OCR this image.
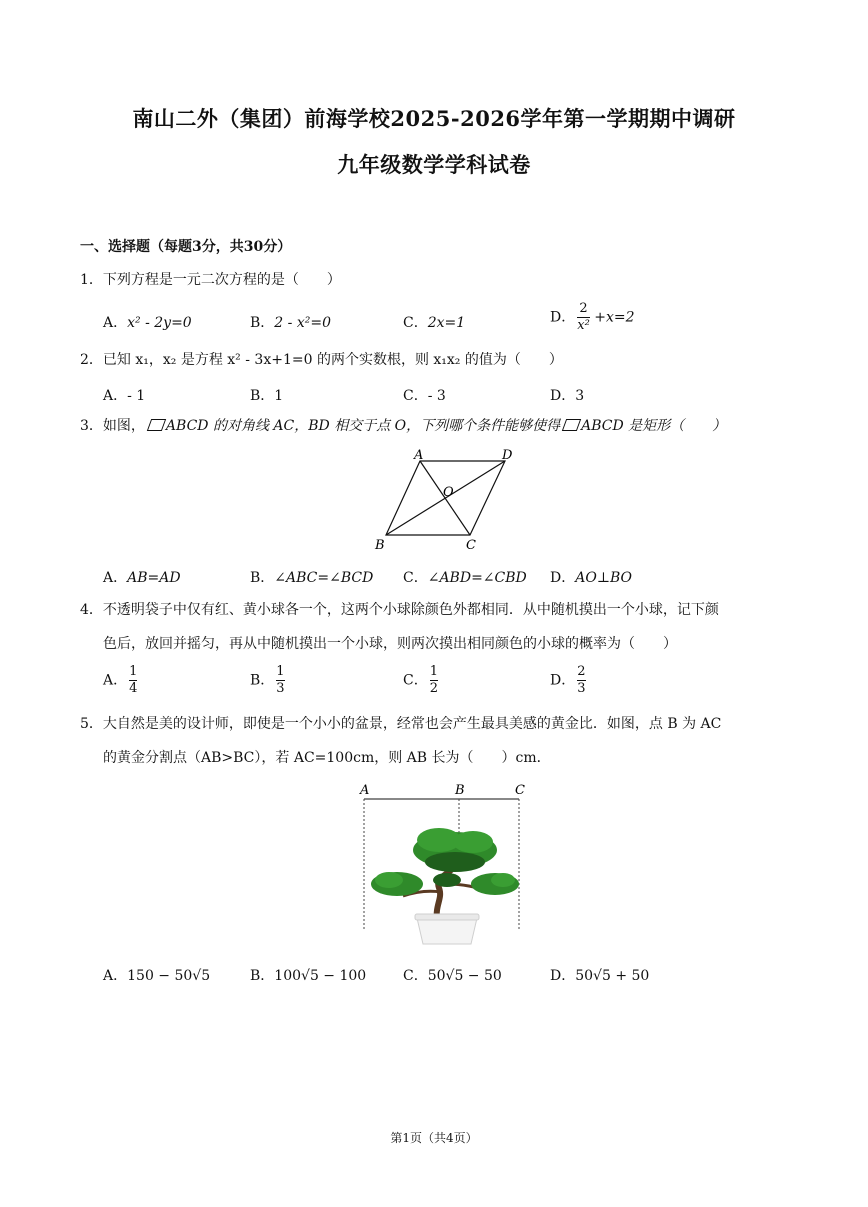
南山二外（集团）前海学校2025-2026学年第一学期期中调研
九年级数学学科试卷
一、选择题（每题3分，共30分）
1．下列方程是一元二次方程的是（　　）
A．x² - 2y=0	B．2 - x²=0	C．2x=1	D． $\frac{2}{\text{x²}} +x=2$
2．已知 x₁，x₂ 是方程 x² - 3x+1=0 的两个实数根，则 x₁x₂ 的值为（　　）
A．- 1	B．1	C．- 3	D．3
3．如图， ABCD 的对角线 AC，BD 相交于点 O，下列哪个条件能够使得 ABCD 是矩形（　　）
A	D
O
B	C
A．AB=AD	B．∠ABC=∠BCD C．∠ABD=∠CBD D．AO⊥BO
4．不透明袋子中仅有红、黄小球各一个，这两个小球除颜色外都相同．从中随机摸出一个小球，记下颜
色后，放回并摇匀，再从中随机摸出一个小球，则两次摸出相同颜色的小球的概率为（　　）
A． $\frac{1}{4}$	B． $\frac{1}{3}$	C． $\frac{1}{2}$	D． $\frac{2}{3}$
5．大自然是美的设计师，即使是一个小小的盆景，经常也会产生最具美感的黄金比．如图，点 B 为 AC
的黄金分割点（AB>BC），若 AC=100cm，则 AB 长为（　　）cm．
A	B	C
A．150 − 50√5	B．100√5 − 100	C．50√5 − 50	D．50√5 + 50
第1页（共4页）
